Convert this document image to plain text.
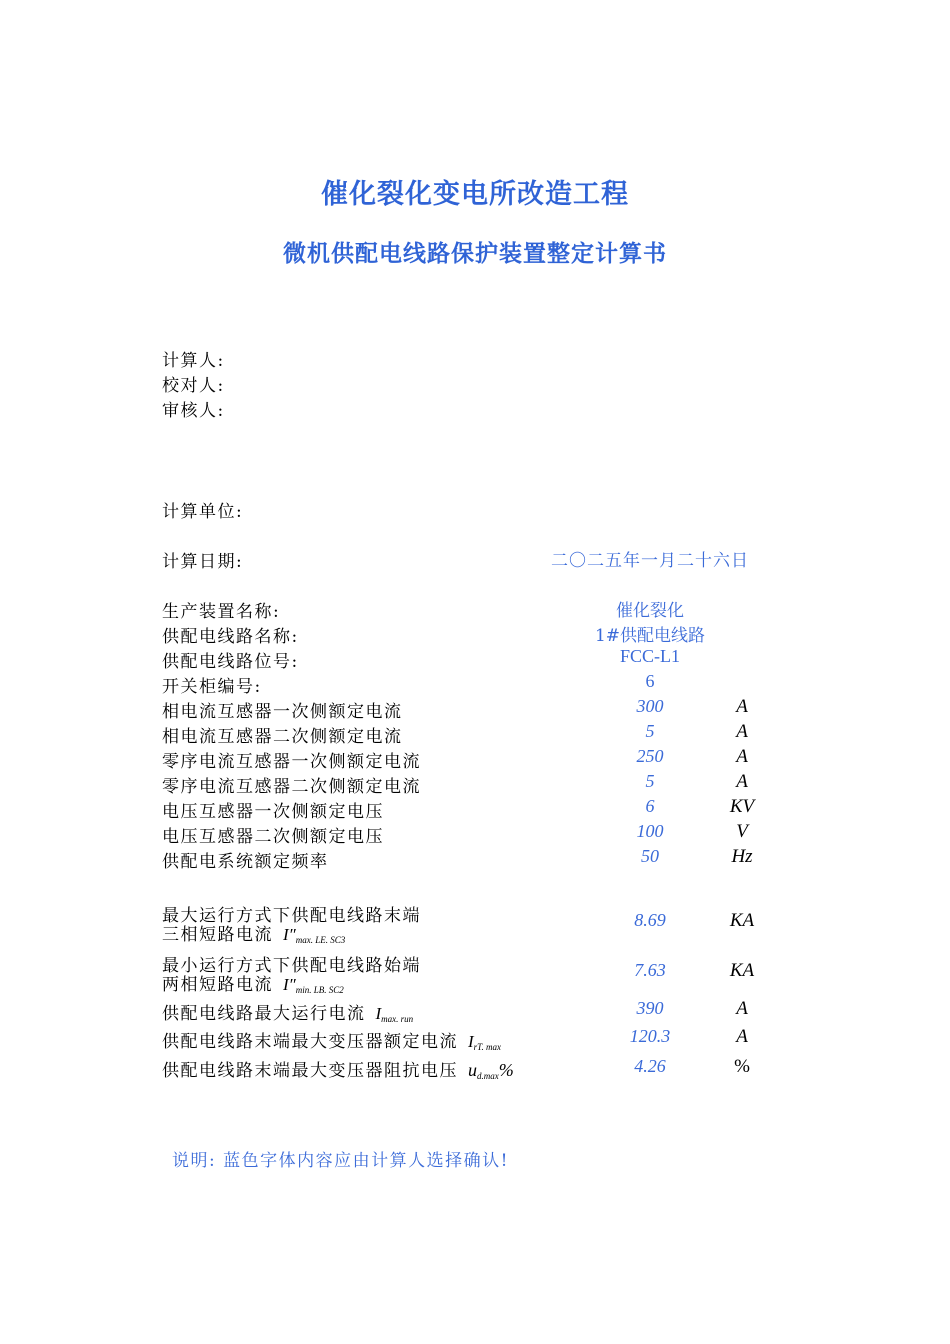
催化裂化变电所改造工程
微机供配电线路保护装置整定计算书
计算人:
校对人:
审核人:
计算单位:
计算日期:	二〇二五年一月二十六日
生产装置名称:	催化裂化
供配电线路名称:	1#供配电线路
供配电线路位号:	FCC-L1
开关柜编号:	6
相电流互感器一次侧额定电流	300	A
相电流互感器二次侧额定电流	5	A
零序电流互感器一次侧额定电流	250	A
零序电流互感器二次侧额定电流	5	A
电压互感器一次侧额定电压	6	KV
电压互感器二次侧额定电压	100	V
供配电系统额定频率	50	Hz
最大运行方式下供配电线路末端
三相短路电流 $I''_{max. LE. SC3}$
8.69	KA
最小运行方式下供配电线路始端
两相短路电流 $I''_{min. LB. SC2}$
7.63	KA
供配电线路最大运行电流 $I_{max. run}$
390	A
供配电线路末端最大变压器额定电流 $I_{rT. max}$
120.3	A
供配电线路末端最大变压器阻抗电压 $u_{d.max}\%$	4.26	%
说明: 蓝色字体内容应由计算人选择确认!
